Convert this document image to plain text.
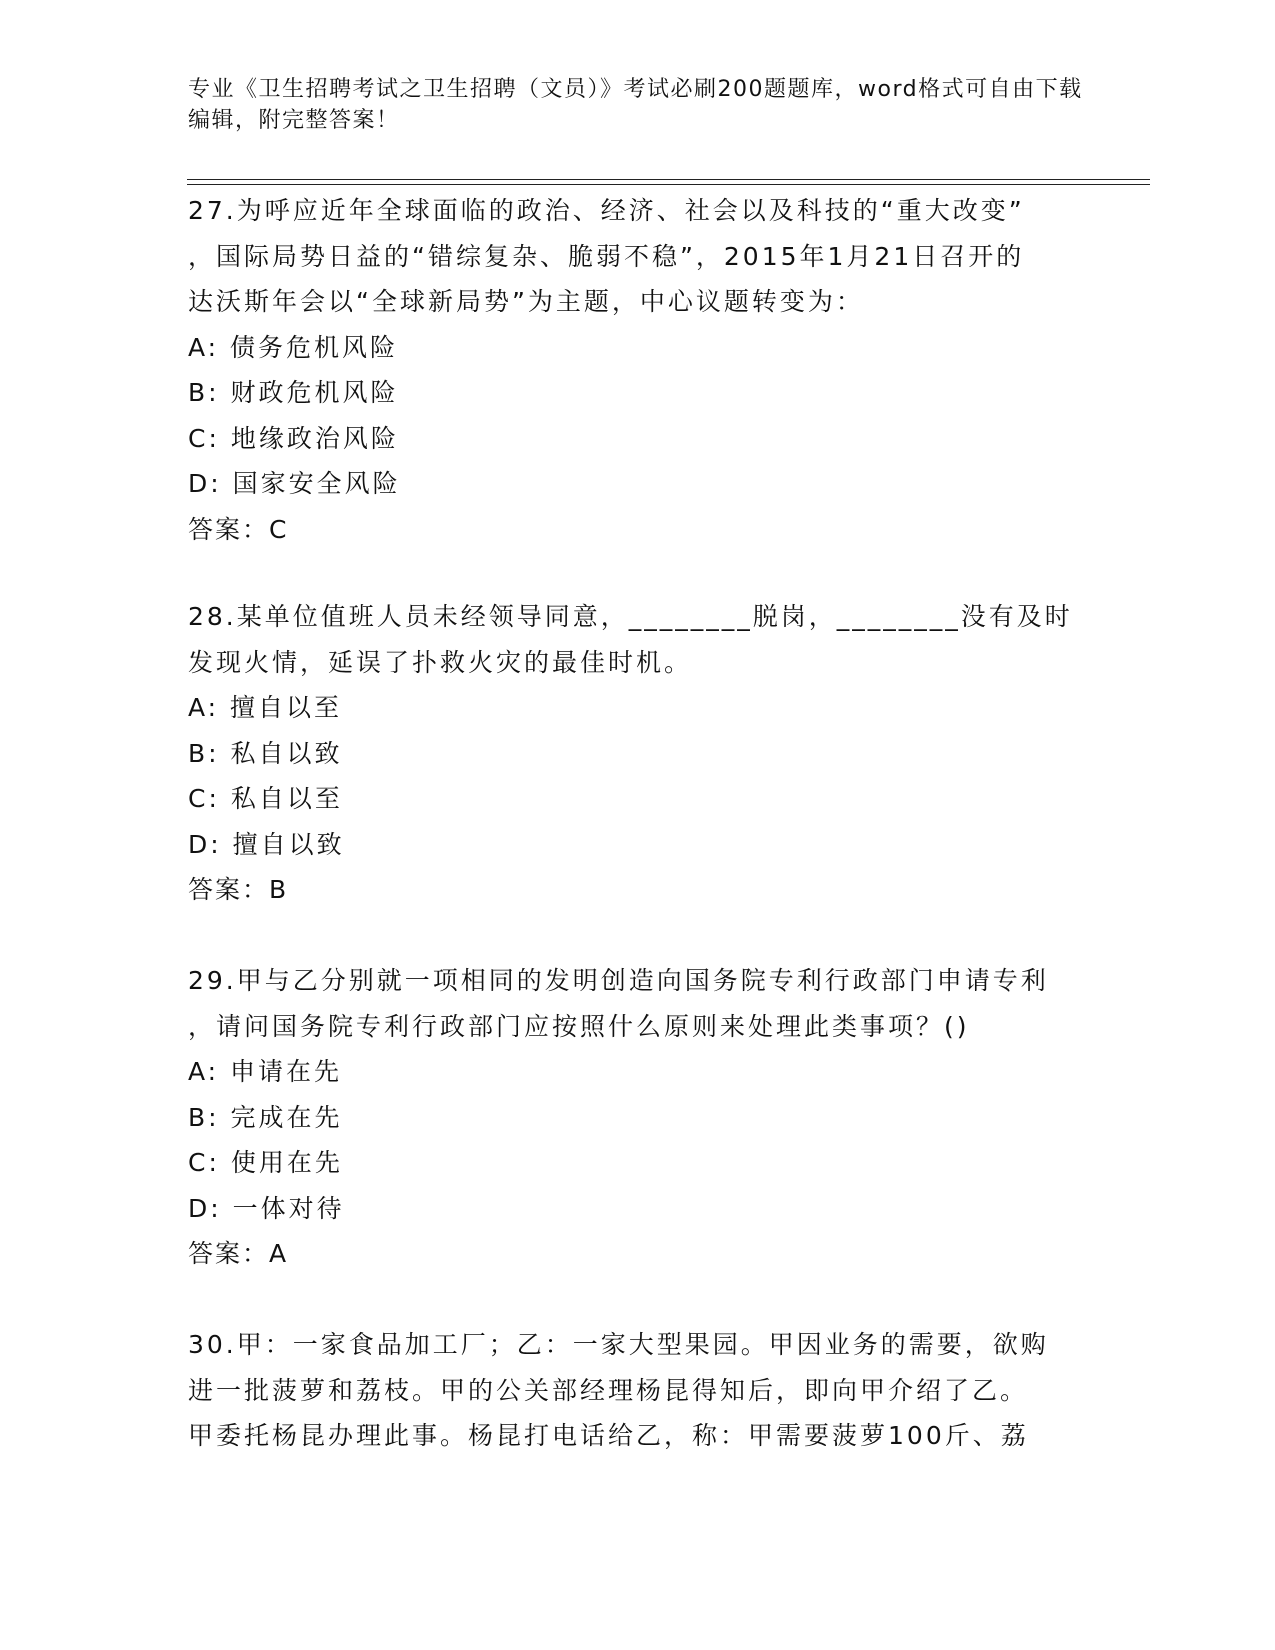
专业《卫生招聘考试之卫生招聘（文员）》考试必刷200题题库，word格式可自由下载编辑，附完整答案！

27.为呼应近年全球面临的政治、经济、社会以及科技的“重大改变”

，国际局势日益的“错综复杂、脆弱不稳”，2015年1月21日召开的

达沃斯年会以“全球新局势”为主题，中心议题转变为：

A: 债务危机风险

B: 财政危机风险

C: 地缘政治风险

D: 国家安全风险

答案：C

28.某单位值班人员未经领导同意，________脱岗，________没有及时

发现火情，延误了扑救火灾的最佳时机。

A: 擅自以至

B: 私自以致

C: 私自以至

D: 擅自以致

答案：B

29.甲与乙分别就一项相同的发明创造向国务院专利行政部门申请专利

，请问国务院专利行政部门应按照什么原则来处理此类事项？()

A: 申请在先

B: 完成在先

C: 使用在先

D: 一体对待

答案：A

30.甲：一家食品加工厂；乙：一家大型果园。甲因业务的需要，欲购

进一批菠萝和荔枝。甲的公关部经理杨昆得知后，即向甲介绍了乙。

甲委托杨昆办理此事。杨昆打电话给乙，称：甲需要菠萝100斤、荔
